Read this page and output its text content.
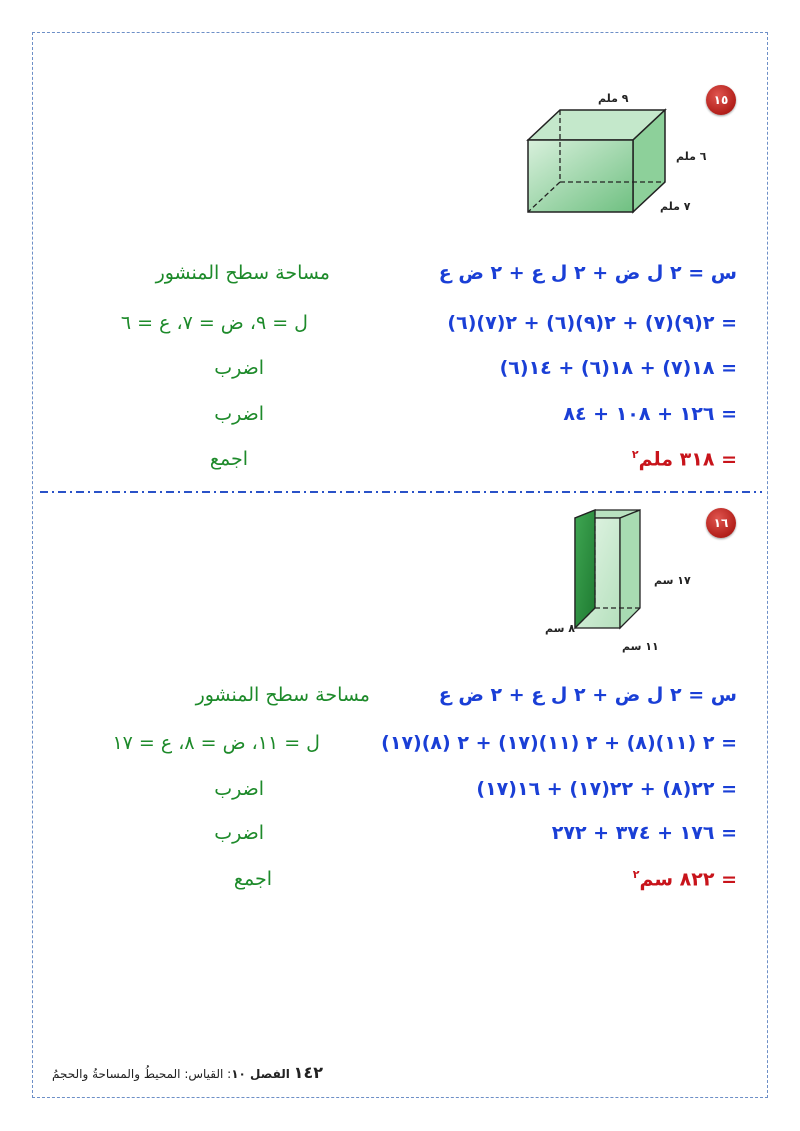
١٥
٩ ملم
٦ ملم
٧ ملم
س = ٢ ل ض + ٢ ل ع + ٢ ض ع
مساحة سطح المنشور
= ٢(٩)(٧) + ٢(٩)(٦) + ٢(٧)(٦)
ل = ٩، ض = ٧، ع = ٦
= ١٨(٧) + ١٨(٦) + ١٤(٦)
اضرب
= ١٢٦ + ١٠٨ + ٨٤
اضرب
= ٣١٨ ملم$^٢$
اجمع
١٦
١٧ سم
٨ سم
١١ سم
س = ٢ ل ض + ٢ ل ع + ٢ ض ع
مساحة سطح المنشور
= ٢ (١١)(٨) + ٢ (١١)(١٧) + ٢ (٨)(١٧)
ل = ١١، ض = ٨، ع = ١٧
= ٢٢(٨) + ٢٢(١٧) + ١٦(١٧)
اضرب
= ١٧٦ + ٣٧٤ + ٢٧٢
اضرب
= ٨٢٢ سم$^٢$
اجمع
١٤٢ الفصل ١٠: القياس: المحيطُ والمساحةُ والحجمُ
